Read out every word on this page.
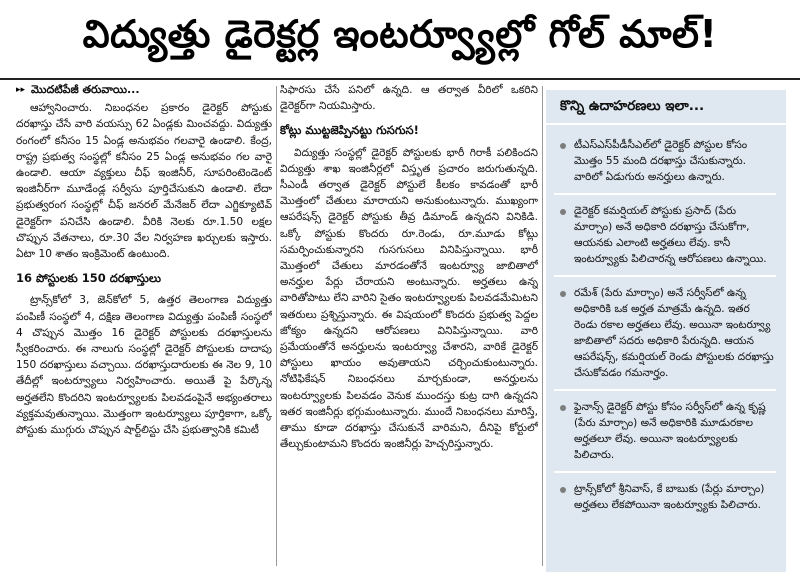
విద్యుత్తు డైరెక్టర్ల ఇంటర్వ్యూల్లో గోల్ మాల్!
▸▸ మొదటిపేజీ తరువాయి...

ఆహ్వానించారు. నిబంధనల ప్రకారం డైరెక్టర్ పోస్టుకు దరఖాస్తు చేసే వారి వయస్సు 62 ఏండ్లకు మించవద్దు. విద్యుత్తు రంగంలో కనీసం 15 ఏండ్ల అనుభవం గలవారై ఉండాలి. కేంద్ర, రాష్ట్ర ప్రభుత్వ సంస్థల్లో కనీసం 25 ఏండ్ల అనుభవం గల వారై ఉండాలి. ఆయా వ్యక్తులు చీఫ్ ఇంజినీర్, సూపరింటెండెంట్ ఇంజినీర్‌గా మూడేండ్ల సర్వీసు పూర్తిచేసుకుని ఉండాలి. లేదా ప్రభుత్వరంగ సంస్థల్లో చీఫ్ జనరల్ మేనేజర్ లేదా ఎగ్జిక్యూటివ్ డైరెక్టర్‌గా పనిచేసి ఉండాలి. వీరికి నెలకు రూ.1.50 లక్షల చొప్పున వేతనాలు, రూ.30 వేల నిర్వహణ ఖర్చులకు ఇస్తారు. ఏటా 10 శాతం ఇంక్రిమెంట్ ఉంటుంది.

16 పోస్టులకు 150 దరఖాస్తులు

ట్రాన్స్‌కోలో 3, జెన్‌కోలో 5, ఉత్తర తెలంగాణ విద్యుత్తు పంపిణీ సంస్థలో 4, దక్షిణ తెలంగాణ విద్యుత్తు పంపిణీ సంస్థలో 4 చొప్పున మొత్తం 16 డైరెక్టర్ పోస్టులకు దరఖాస్తులను స్వీకరించారు. ఈ నాలుగు సంస్థల్లో డైరెక్టర్ పోస్టులకు దాదాపు 150 దరఖాస్తులు వచ్చాయి. దరఖాస్తుదారులకు ఈ నెల 9, 10 తేదీల్లో ఇంటర్వ్యూలు నిర్వహించారు. అయితే పై పేర్కొన్న అర్హతలేని కొందరిని ఇంటర్వ్యూలకు పిలవడంపైనే అభ్యంతరాలు వ్యక్తమవుతున్నాయి. మొత్తంగా ఇంటర్వ్యూలు పూర్తికాగా, ఒక్కో పోస్టుకు ముగ్గురు చొప్పున షార్ట్‌లిస్టు చేసి ప్రభుత్వానికి కమిటీ

సిఫారసు చేసే పనిలో ఉన్నది. ఆ తర్వాత వీరిలో ఒకరిని డైరెక్టర్‌గా నియమిస్తారు.

కోట్లు ముట్టజెప్పినట్టు గుసగుస!

విద్యుత్తు సంస్థల్లో డైరెక్టర్ పోస్టులకు భారీ గిరాకీ పలికిందని విద్యుత్తు శాఖ ఇంజినీర్లలో విస్తృత ప్రచారం జరుగుతున్నది. సీఎండీ తర్వాత డైరెక్టర్ పోస్టులే కీలకం కావడంతో భారీ మొత్తంలో చేతులు మారాయని అనుకుంటున్నారు. ముఖ్యంగా ఆపరేషన్స్ డైరెక్టర్ పోస్టుకు తీవ్ర డిమాండ్ ఉన్నదని వినికిడి. ఒక్కో పోస్టుకు కొందరు రూ.రెండు, రూ.మూడు కోట్లు సమర్పించుకున్నారని గుసగుసలు వినిపిస్తున్నాయి. భారీ మొత్తంలో చేతులు మారడంతోనే ఇంటర్వ్యూ జాబితాలో అనర్హుల పేర్లు చేరాయని అంటున్నారు. అర్హతలు ఉన్న వారితోపాటు లేని వారిని సైతం ఇంటర్వ్యూలకు పిలవడమేమిటని ఇతరులు ప్రశ్నిస్తున్నారు. ఈ విషయంలో కొందరు ప్రభుత్వ పెద్దల జోక్యం ఉన్నదని ఆరోపణలు వినిపిస్తున్నాయి. వారి ప్రమేయంతోనే అనర్హులను ఇంటర్వ్యూ చేశారని, వారికే డైరెక్టర్ పోస్టులు ఖాయం అవుతాయని చర్చించుకుంటున్నారు. నోటిఫికేషన్ నిబంధనలు మార్చకుండా, అనర్హులను ఇంటర్వ్యూలకు పిలవడం వెనుక ముందస్తు కుట్ర దాగి ఉన్నదని ఇతర ఇంజినీర్లు భగ్గుమంటున్నారు. ముందే నిబంధనలు మారిస్తే, తాము కూడా దరఖాస్తు చేసుకునే వారిమని, దీనిపై కోర్టులో తేల్చుకుంటామని కొందరు ఇంజినీర్లు హెచ్చరిస్తున్నారు.

కొన్ని ఉదాహరణలు ఇలా...
టీఎస్ఎస్‌పీడీసీఎల్‌లో డైరెక్టర్ పోస్టుల కోసం మొత్తం 55 మంది దరఖాస్తు చేసుకున్నారు. వారిలో ఏడుగురు అనర్హులు ఉన్నారు.
డైరెక్టర్ కమర్షియల్ పోస్టుకు ప్రసాద్ (పేరు మార్చాం) అనే అధికారి దరఖాస్తు చేసుకోగా, ఆయనకు ఎలాంటి అర్హతలు లేవు. కానీ ఇంటర్వ్యూకు పిలిచారన్న ఆరోపణలు ఉన్నాయి.
రమేశ్ (పేరు మార్చాం) అనే సర్వీస్‌లో ఉన్న అధికారికి ఒక అర్హత మాత్రమే ఉన్నది. ఇతర రెండు రకాల అర్హతలు లేవు. అయినా ఇంటర్వ్యూ జాబితాలో సదరు అధికారి పేరున్నది. ఆయన ఆపరేషన్స్, కమర్షియల్ రెండు పోస్టులకు దరఖాస్తు చేసుకోవడం గమనార్హం.
ఫైనాన్స్ డైరెక్టర్ పోస్టు కోసం సర్వీస్‌లో ఉన్న కృష్ణ (పేరు మార్చాం) అనే అధికారికి మూడురకాల అర్హతలూ లేవు. అయినా ఇంటర్వ్యూలకు పిలిచారు.
ట్రాన్స్‌కోలో శ్రీనివాస్, కే బాబుకు (పేర్లు మార్చాం) అర్హతలు లేకపోయినా ఇంటర్వ్యూకు పిలిచారు.
